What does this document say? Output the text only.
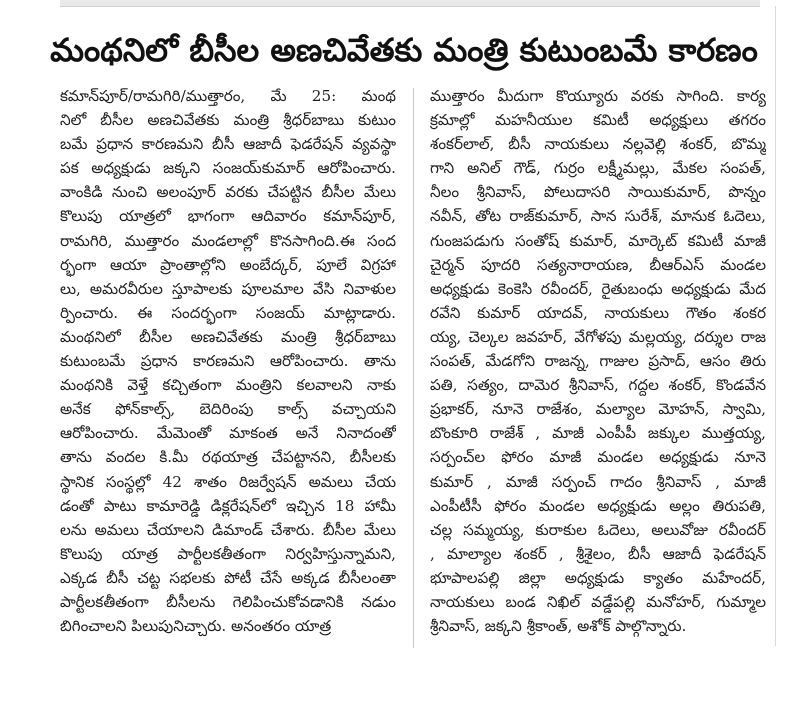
మంథనిలో బీసీల అణచివేతకు మంత్రి కుటుంబమే కారణం
కమాన్‌పూర్/రామగిరి/ముత్తారం, మే 25: మంథ
నిలో బీసీల అణచివేతకు మంత్రి శ్రీధర్‌బాబు కుటుం
బమే ప్రధాన కారణమని బీసీ ఆజాదీ ఫెడరేషన్ వ్యవస్థా
పక అధ్యక్షుడు జక్కని సంజయ్‌కుమార్ ఆరోపించారు.
వాంకిడి నుంచి అలంపూర్ వరకు చేపట్టిన బీసీల మేలు
కొలుపు యాత్రలో భాగంగా ఆదివారం కమాన్‌పూర్,
రామగిరి, ముత్తారం మండలాల్లో కొనసాగింది.ఈ సంద
ర్భంగా ఆయా ప్రాంతాల్లోని అంబేద్కర్, పూలే విగ్రహా
లు, అమరవీరుల స్తూపాలకు పూలమాల వేసి నివాళుల
ర్పించారు. ఈ సందర్భంగా సంజయ్ మాట్లాడారు.
మంథనిలో బీసీల అణచివేతకు మంత్రి శ్రీధర్‌బాబు
కుటుంబమే ప్రధాన కారణమని ఆరోపించారు. తాను
మంథనికి వెళ్తే కచ్చితంగా మంత్రిని కలవాలని నాకు
అనేక ఫోన్‌కాల్స్, బెదిరింపు కాల్స్ వచ్చాయని
ఆరోపించారు. మేమెంతో మాకంత అనే నినాదంతో
తాను వందల కి.మీ రథయాత్ర చేపట్టానని, బీసీలకు
స్థానిక సంస్థల్లో 42 శాతం రిజర్వేషన్ అమలు చేయ
డంతో పాటు కామారెడ్డి డిక్లరేషన్‌లో ఇచ్చిన 18 హామీ
లను అమలు చేయాలని డిమాండ్ చేశారు. బీసీల మేలు
కొలుపు యాత్ర పార్టీలకతీతంగా నిర్వహిస్తున్నామని,
ఎక్కడ బీసీ చట్ట సభలకు పోటీ చేసే అక్కడ బీసీలంతా
పార్టీలకతీతంగా బీసీలను గెలిపించుకోవడానికి నడుం
బిగించాలని పిలుపునిచ్చారు. అనంతరం యాత్ర
ముత్తారం మీదుగా కొయ్యూరు వరకు సాగింది. కార్య
క్రమాల్లో మహనీయుల కమిటీ అధ్యక్షులు తగరం
శంకర్‌లాల్, బీసీ నాయకులు నల్లవెల్లి శంకర్, బొమ్మ
గాని అనిల్ గౌడ్, గుర్రం లక్ష్మీమల్లు, మేకల సంపత్,
నీలం శ్రీనివాస్, పోలుదాసరి సాయికుమార్, పొన్నం
నవీన్, తోట రాజ్‌కుమార్, సాన సురేశ్, మానుక ఓదెలు,
గుంజపడుగు సంతోష్ కుమార్, మార్కెట్ కమిటీ మాజీ
చైర్మన్ పూదరి సత్యనారాయణ, బీఆర్ఎస్ మండల
అధ్యక్షుడు కెంకెసి రవీందర్, రైతుబంధు అధ్యక్షుడు మేద
రవేని కుమార్ యాదవ్, నాయకులు గౌతం శంకర
య్య, చెల్కల జవహర్, వేగోళపు మల్లయ్య, దర్శుల రాజ
సంపత్, మేడగోని రాజన్న, గాజుల ప్రసాద్, ఆసం తిరు
పతి, సత్యం, దామెర శ్రీనివాస్, గద్దల శంకర్, కొండవేన
ప్రభాకర్, నూనె రాజేశం, మల్యాల మోహన్, స్వామి,
బొంకూరి రాజేశ్ , మాజీ ఎంపీపీ జక్కుల ముత్తయ్య,
సర్పంచ్‌ల ఫోరం మాజీ మండల అధ్యక్షుడు నూనె
కుమార్ , మాజీ సర్పంచ్ గాదం శ్రీనివాస్ , మాజీ
ఎంపీటీసీ ఫోరం మండల అధ్యక్షుడు అల్లం తిరుపతి,
చల్ల సమ్మయ్య, కురాకుల ఓదెలు, అలువోజు రవీందర్
, మాల్యాల శంకర్ , శ్రీశైలం, బీసీ ఆజాదీ ఫెడరేషన్
భూపాలపల్లి జిల్లా అధ్యక్షుడు క్యాతం మహేందర్,
నాయకులు బండ నిఖిల్ వడ్డేపల్లి మనోహర్, గుమ్మాల
శ్రీనివాస్, జక్కని శ్రీకాంత్, అశోక్ పాల్గొన్నారు.
